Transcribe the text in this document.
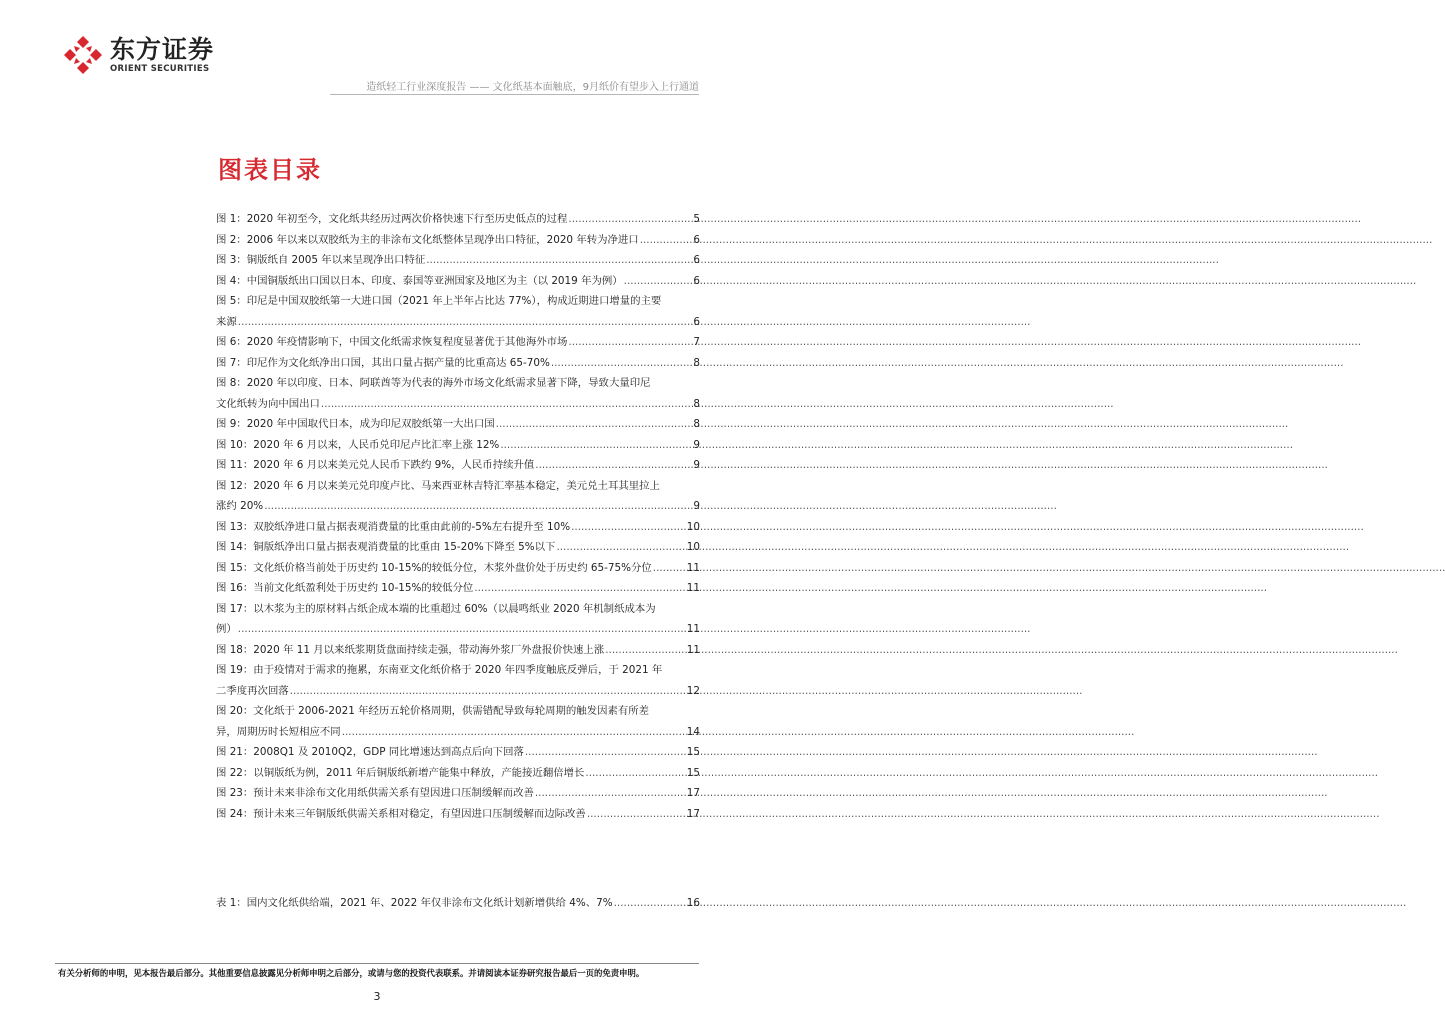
东方证券
ORIENT SECURITIES
造纸轻工行业深度报告 —— 文化纸基本面触底，9月纸价有望步入上行通道
图表目录
图 1：2020 年初至今，文化纸共经历过两次价格快速下行至历史低点的过程 .....	5
图 2：2006 年以来以双胶纸为主的非涂布文化纸整体呈现净出口特征，2020 年转为净进口 .....	6
图 3：铜版纸自 2005 年以来呈现净出口特征 .....	6
图 4：中国铜版纸出口国以日本、印度、泰国等亚洲国家及地区为主（以 2019 年为例） .....	6
图 5：印尼是中国双胶纸第一大进口国（2021 年上半年占比达 77%），构成近期进口增量的主要
来源 .....	6
图 6：2020 年疫情影响下，中国文化纸需求恢复程度显著优于其他海外市场 .....	7
图 7：印尼作为文化纸净出口国，其出口量占据产量的比重高达 65-70% .....	8
图 8：2020 年以印度、日本、阿联酋等为代表的海外市场文化纸需求显著下降，导致大量印尼
文化纸转为向中国出口 .....	8
图 9：2020 年中国取代日本，成为印尼双胶纸第一大出口国 .....	8
图 10：2020 年 6 月以来，人民币兑印尼卢比汇率上涨 12% .....	9
图 11：2020 年 6 月以来美元兑人民币下跌约 9%，人民币持续升值 .....	9
图 12：2020 年 6 月以来美元兑印度卢比、马来西亚林吉特汇率基本稳定，美元兑土耳其里拉上
涨约 20% .....	9
图 13：双胶纸净进口量占据表观消费量的比重由此前的-5%左右提升至 10% .....	10
图 14：铜版纸净出口量占据表观消费量的比重由 15-20%下降至 5%以下 .....	10
图 15：文化纸价格当前处于历史约 10-15%的较低分位，木浆外盘价处于历史约 65-75%分位 .....	11
图 16：当前文化纸盈利处于历史约 10-15%的较低分位 .....	11
图 17：以木浆为主的原材料占纸企成本端的比重超过 60%（以晨鸣纸业 2020 年机制纸成本为
例） .....	11
图 18：2020 年 11 月以来纸浆期货盘面持续走强，带动海外浆厂外盘报价快速上涨 .....	11
图 19：由于疫情对于需求的拖累，东南亚文化纸价格于 2020 年四季度触底反弹后，于 2021 年
二季度再次回落 .....	12
图 20：文化纸于 2006-2021 年经历五轮价格周期，供需错配导致每轮周期的触发因素有所差
异，周期历时长短相应不同 .....	14
图 21：2008Q1 及 2010Q2，GDP 同比增速达到高点后向下回落 .....	15
图 22：以铜版纸为例，2011 年后铜版纸新增产能集中释放，产能接近翻倍增长 .....	15
图 23：预计未来非涂布文化用纸供需关系有望因进口压制缓解而改善 .....	17
图 24：预计未来三年铜版纸供需关系相对稳定，有望因进口压制缓解而边际改善 .....	17
表 1：国内文化纸供给端，2021 年、2022 年仅非涂布文化纸计划新增供给 4%、7% .....	16
有关分析师的申明，见本报告最后部分。其他重要信息披露见分析师申明之后部分，或请与您的投资代表联系。并请阅读本证券研究报告最后一页的免责申明。
3
